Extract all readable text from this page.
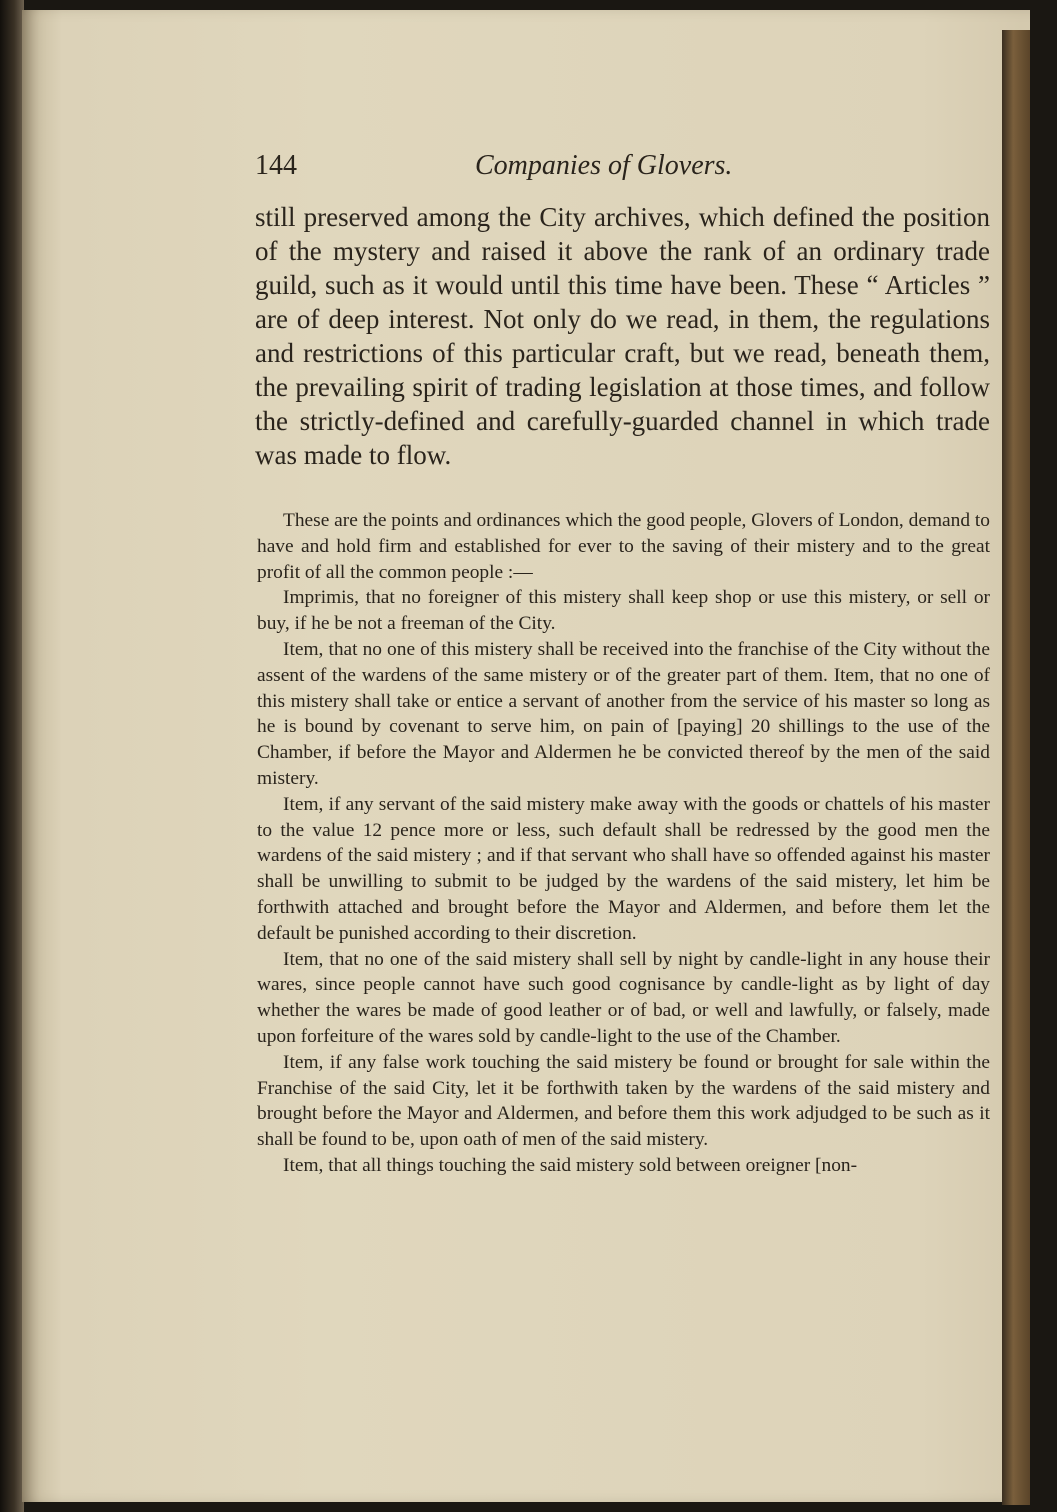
144	Companies of Glovers.

still preserved among the City archives, which defined the position of the mystery and raised it above the rank of an ordinary trade guild, such as it would until this time have been. These “ Articles ” are of deep interest. Not only do we read, in them, the regulations and restrictions of this particular craft, but we read, beneath them, the prevailing spirit of trading legislation at those times, and follow the strictly-defined and carefully-guarded channel in which trade was made to flow.

These are the points and ordinances which the good people, Glovers of London, demand to have and hold firm and established for ever to the saving of their mistery and to the great profit of all the common people :—

Imprimis, that no foreigner of this mistery shall keep shop or use this mistery, or sell or buy, if he be not a freeman of the City.

Item, that no one of this mistery shall be received into the franchise of the City without the assent of the wardens of the same mistery or of the greater part of them. Item, that no one of this mistery shall take or entice a servant of another from the service of his master so long as he is bound by covenant to serve him, on pain of [paying] 20 shillings to the use of the Chamber, if before the Mayor and Aldermen he be convicted thereof by the men of the said mistery.

Item, if any servant of the said mistery make away with the goods or chattels of his master to the value 12 pence more or less, such default shall be redressed by the good men the wardens of the said mistery ; and if that servant who shall have so offended against his master shall be unwilling to submit to be judged by the wardens of the said mistery, let him be forthwith attached and brought before the Mayor and Aldermen, and before them let the default be punished according to their discretion.

Item, that no one of the said mistery shall sell by night by candle-light in any house their wares, since people cannot have such good cognisance by candle-light as by light of day whether the wares be made of good leather or of bad, or well and lawfully, or falsely, made upon forfeiture of the wares sold by candle-light to the use of the Chamber.

Item, if any false work touching the said mistery be found or brought for sale within the Franchise of the said City, let it be forthwith taken by the wardens of the said mistery and brought before the Mayor and Aldermen, and before them this work adjudged to be such as it shall be found to be, upon oath of men of the said mistery.

Item, that all things touching the said mistery sold between oreigner [non-
